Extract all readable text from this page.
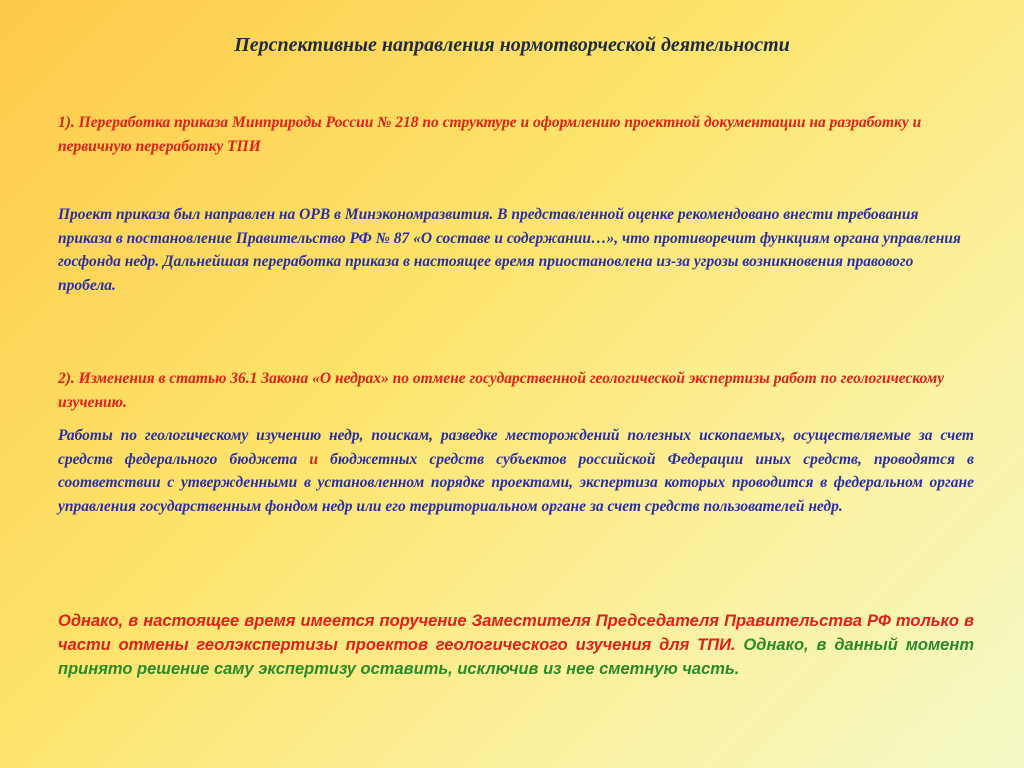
Перспективные направления нормотворческой деятельности
1). Переработка приказа Минприроды России № 218 по структуре и оформлению проектной документации на разработку и первичную переработку ТПИ
Проект приказа был направлен на ОРВ в Минэкономразвития. В представленной оценке рекомендовано внести требования приказа в постановление Правительство РФ № 87 «О составе и содержании…», что противоречит функциям органа управления госфонда недр. Дальнейшая переработка приказа в настоящее время приостановлена из-за угрозы возникновения правового пробела.
2). Изменения в статью 36.1 Закона «О недрах» по отмене государственной геологической экспертизы работ по геологическому изучению.
Работы по геологическому изучению недр, поискам, разведке месторождений полезных ископаемых, осуществляемые за счет средств федерального бюджета и бюджетных средств субъектов российской Федерации иных средств, проводятся в соответствии с утвержденными в установленном порядке проектами, экспертиза которых проводится в федеральном органе управления государственным фондом недр или его территориальном органе за счет средств пользователей недр.
Однако, в настоящее время имеется поручение Заместителя Председателя Правительства РФ только в части отмены геолэкспертизы проектов геологического изучения для ТПИ. Однако, в данный момент принято решение саму экспертизу оставить, исключив из нее сметную часть.
